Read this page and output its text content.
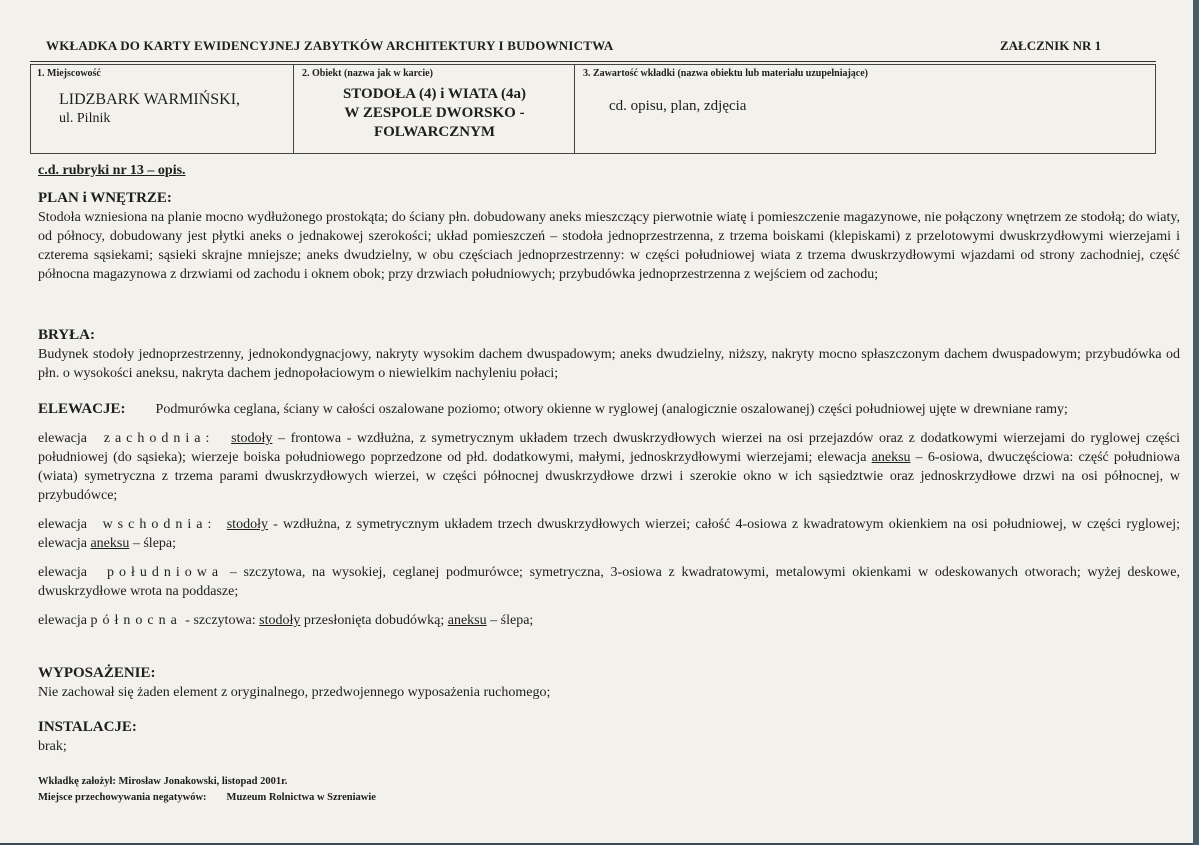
WKŁADKA DO KARTY EWIDENCYJNEJ ZABYTKÓW ARCHITEKTURY I BUDOWNICTWA	ZAŁCZNIK NR 1
1. Miejscowość
LIDZBARK WARMIŃSKI,
ul. Pilnik
2. Obiekt (nazwa jak w karcie)
STODOŁA (4) i WIATA (4a)
W ZESPOLE DWORSKO -
FOLWARCZNYM
3. Zawartość wkładki (nazwa obiektu lub materiału uzupełniające)
cd. opisu, plan, zdjęcia
c.d. rubryki nr 13 – opis.
PLAN i WNĘTRZE:
Stodoła wzniesiona na planie mocno wydłużonego prostokąta; do ściany płn. dobudowany aneks mieszczący pierwotnie wiatę i pomieszczenie magazynowe, nie połączony wnętrzem ze stodołą; do wiaty, od północy, dobudowany jest płytki aneks o jednakowej szerokości; układ pomieszczeń – stodoła jednoprzestrzenna, z trzema boiskami (klepiskami) z przelotowymi dwuskrzydłowymi wierzejami i czterema sąsiekami; sąsieki skrajne mniejsze; aneks dwudzielny, w obu częściach jednoprzestrzenny: w części południowej wiata z trzema dwuskrzydłowymi wjazdami od strony zachodniej, część północna magazynowa z drzwiami od zachodu i oknem obok; przy drzwiach południowych; przybudówka jednoprzestrzenna z wejściem od zachodu;
BRYŁA:
Budynek stodoły jednoprzestrzenny, jednokondygnacjowy, nakryty wysokim dachem dwuspadowym; aneks dwudzielny, niższy, nakryty mocno spłaszczonym dachem dwuspadowym; przybudówka od płn. o wysokości aneksu, nakryta dachem jednopołaciowym o niewielkim nachyleniu połaci;
ELEWACJE: Podmurówka ceglana, ściany w całości oszalowane poziomo; otwory okienne w ryglowej (analogicznie oszalowanej) części południowej ujęte w drewniane ramy;
elewacja zachodnia: stodoły – frontowa - wzdłużna, z symetrycznym układem trzech dwuskrzydłowych wierzei na osi przejazdów oraz z dodatkowymi wierzejami do ryglowej części południowej (do sąsieka); wierzeje boiska południowego poprzedzone od płd. dodatkowymi, małymi, jednoskrzydłowymi wierzejami; elewacja aneksu – 6-osiowa, dwuczęściowa: część południowa (wiata) symetryczna z trzema parami dwuskrzydłowych wierzei, w części północnej dwuskrzydłowe drzwi i szerokie okno w ich sąsiedztwie oraz jednoskrzydłowe drzwi na osi północnej, w przybudówce;
elewacja wschodnia: stodoły - wzdłużna, z symetrycznym układem trzech dwuskrzydłowych wierzei; całość 4-osiowa z kwadratowym okienkiem na osi południowej, w części ryglowej; elewacja aneksu – ślepa;
elewacja południowa – szczytowa, na wysokiej, ceglanej podmurówce; symetryczna, 3-osiowa z kwadratowymi, metalowymi okienkami w odeskowanych otworach; wyżej deskowe, dwuskrzydłowe wrota na poddasze;
elewacja północna - szczytowa: stodoły przesłonięta dobudówką; aneksu – ślepa;
WYPOSAŻENIE:
Nie zachował się żaden element z oryginalnego, przedwojennego wyposażenia ruchomego;
INSTALACJE:
brak;
Wkładkę założył: Mirosław Jonakowski, listopad 2001r.
Miejsce przechowywania negatywów: Muzeum Rolnictwa w Szreniawie
